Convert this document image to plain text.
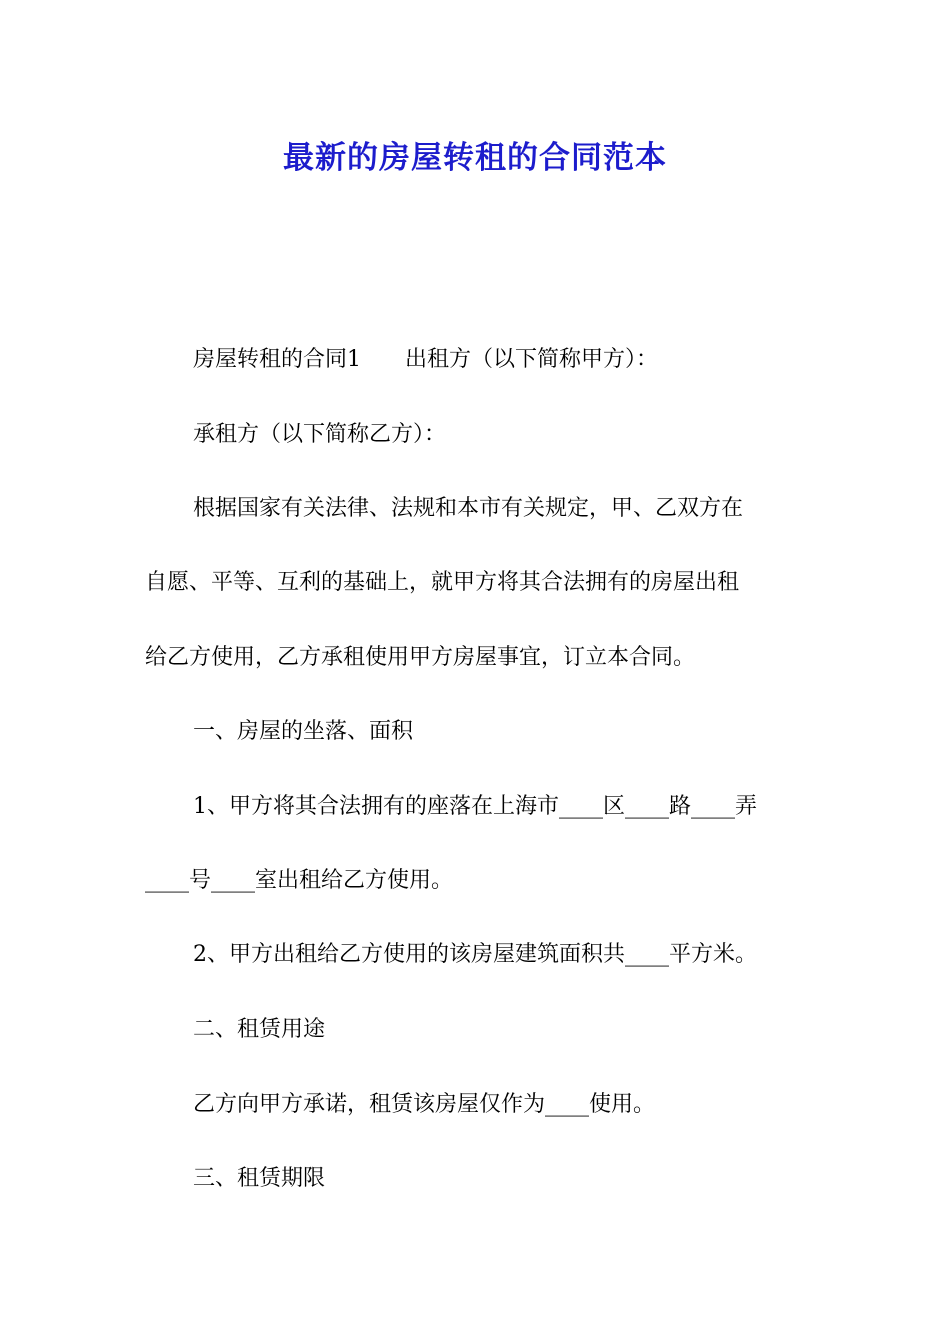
最新的房屋转租的合同范本
房屋转租的合同1　　出租方（以下简称甲方）：
承租方（以下简称乙方）：
根据国家有关法律、法规和本市有关规定，甲、乙双方在
自愿、平等、互利的基础上，就甲方将其合法拥有的房屋出租
给乙方使用，乙方承租使用甲方房屋事宜，订立本合同。
一、房屋的坐落、面积
1、甲方将其合法拥有的座落在上海市____区____路____弄
____号____室出租给乙方使用。
2、甲方出租给乙方使用的该房屋建筑面积共____平方米。
二、租赁用途
乙方向甲方承诺，租赁该房屋仅作为____使用。
三、租赁期限
